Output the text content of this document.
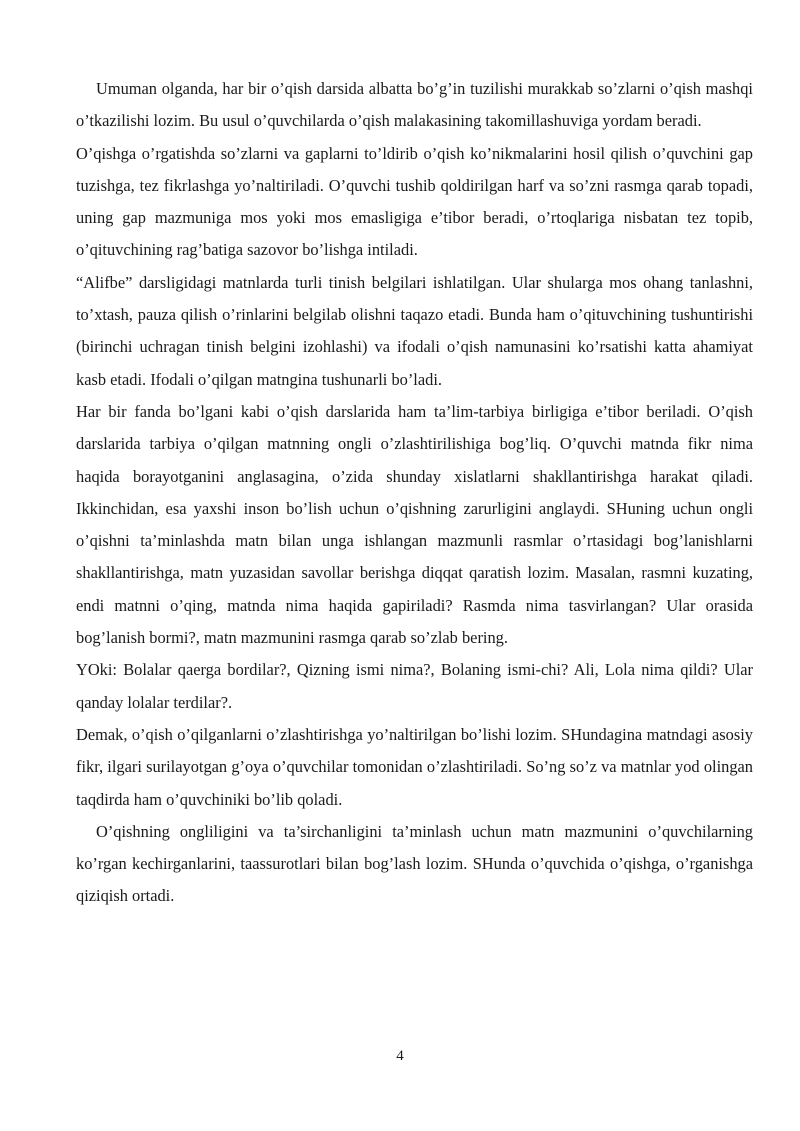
Umuman olganda, har bir o’qish darsida albatta bo’g’in tuzilishi murakkab so’zlarni o’qish mashqi o’tkazilishi lozim. Bu usul o’quvchilarda o’qish malakasining takomillashuviga yordam beradi.

O’qishga o’rgatishda so’zlarni va gaplarni to’ldirib o’qish ko’nikmalarini hosil qilish o’quvchini gap tuzishga, tez fikrlashga yo’naltiriladi. O’quvchi tushib qoldirilgan harf va so’zni rasmga qarab topadi, uning gap mazmuniga mos yoki mos emasligiga e’tibor beradi, o’rtoqlariga nisbatan tez topib, o’qituvchining rag’batiga sazovor bo’lishga intiladi.

“Alifbe” darsligidagi matnlarda turli tinish belgilari ishlatilgan. Ular shularga mos ohang tanlashni, to’xtash, pauza qilish o’rinlarini belgilab olishni taqazo etadi. Bunda ham o’qituvchining tushuntirishi (birinchi uchragan tinish belgini izohlashi) va ifodali o’qish namunasini ko’rsatishi katta ahamiyat kasb etadi. Ifodali o’qilgan matngina tushunarli bo’ladi.

Har bir fanda bo’lgani kabi o’qish darslarida ham ta’lim-tarbiya birligiga e’tibor beriladi. O’qish darslarida tarbiya o’qilgan matnning ongli o’zlashtirilishiga bog’liq. O’quvchi matnda fikr nima haqida borayotganini anglasagina, o’zida shunday xislatlarni shakllantirishga harakat qiladi. Ikkinchidan, esa yaxshi inson bo’lish uchun o’qishning zarurligini anglaydi. SHuning uchun ongli o’qishni ta’minlashda matn bilan unga ishlangan mazmunli rasmlar o’rtasidagi bog’lanishlarni shakllantirishga, matn yuzasidan savollar berishga diqqat qaratish lozim. Masalan, rasmni kuzating, endi matnni o’qing, matnda nima haqida gapiriladi? Rasmda nima tasvirlangan? Ular orasida bog’lanish bormi?, matn mazmunini rasmga qarab so’zlab bering.

YOki: Bolalar qaerga bordilar?, Qizning ismi nima?, Bolaning ismi-chi? Ali, Lola nima qildi? Ular qanday lolalar terdilar?.

Demak, o’qish o’qilganlarni o’zlashtirishga yo’naltirilgan bo’lishi lozim. SHundagina matndagi asosiy fikr, ilgari surilayotgan g’oya o’quvchilar tomonidan o’zlashtiriladi. So’ng so’z va matnlar yod olingan taqdirda ham o’quvchiniki bo’lib qoladi.

O’qishning ongliligini va ta’sirchanligini ta’minlash uchun matn mazmunini o’quvchilarning ko’rgan kechirganlarini, taassurotlari bilan bog’lash lozim. SHunda o’quvchida o’qishga, o’rganishga qiziqish ortadi.

4
